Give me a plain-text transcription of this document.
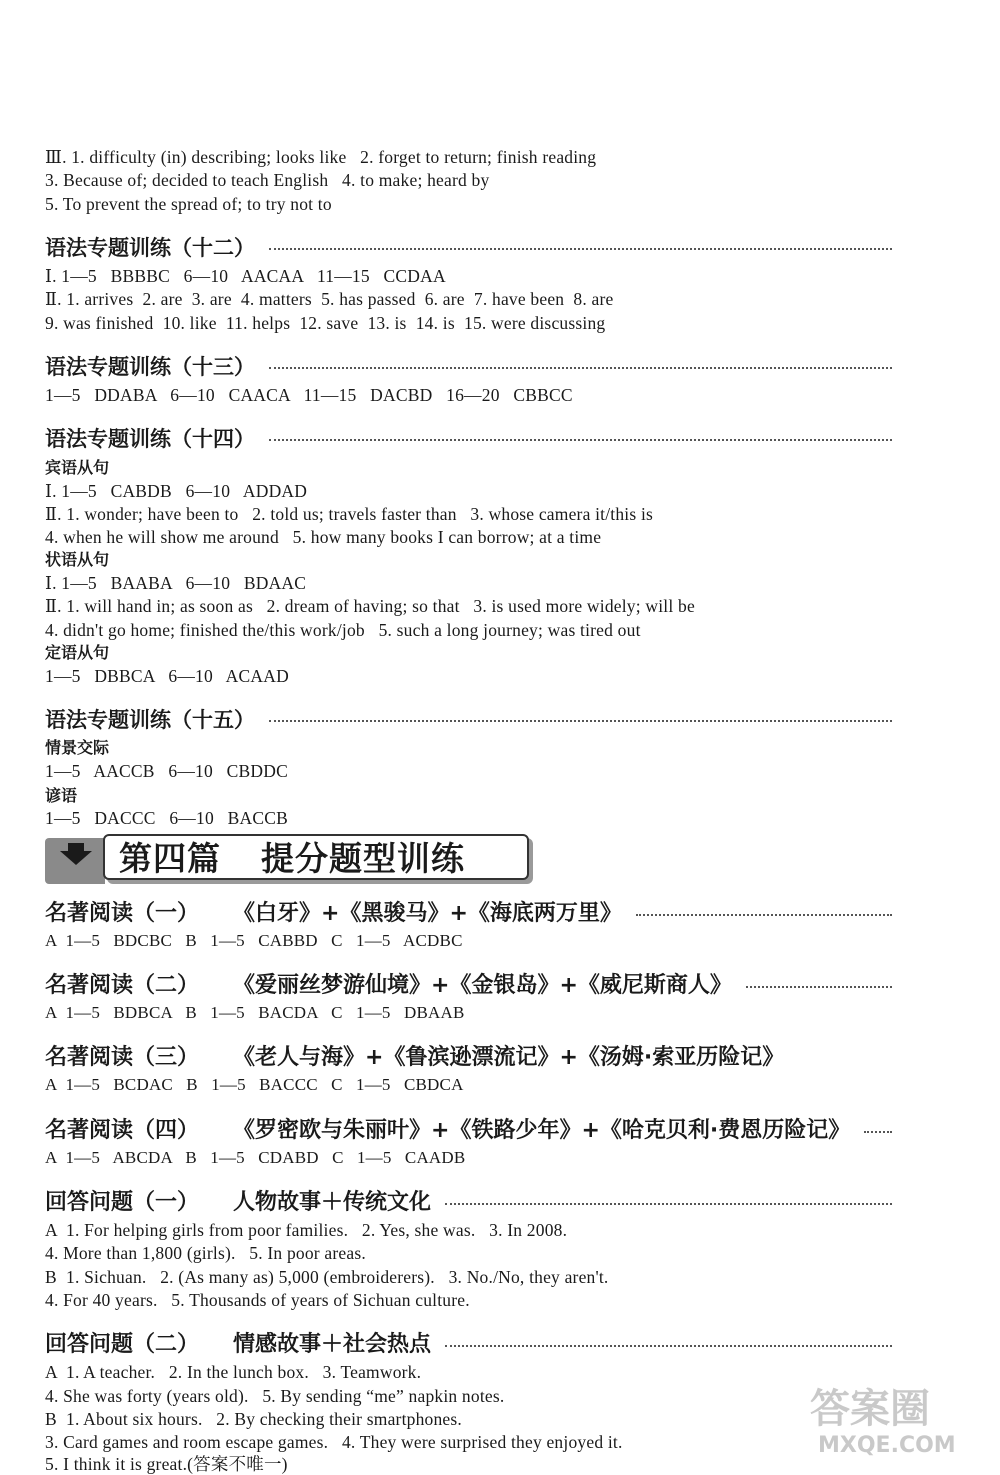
Ⅲ. 1. difficulty (in) describing; looks like   2. forget to return; finish reading
3. Because of; decided to teach English   4. to make; heard by
5. To prevent the spread of; to try not to
语法专题训练（十二）
Ⅰ. 1—5   BBBBC   6—10   AACAA   11—15   CCDAA
Ⅱ. 1. arrives  2. are  3. are  4. matters  5. has passed  6. are  7. have been  8. are
9. was finished  10. like  11. helps  12. save  13. is  14. is  15. were discussing
语法专题训练（十三）
1—5   DDABA   6—10   CAACA   11—15   DACBD   16—20   CBBCC
语法专题训练（十四）
宾语从句
Ⅰ. 1—5   CABDB   6—10   ADDAD
Ⅱ. 1. wonder; have been to   2. told us; travels faster than   3. whose camera it/this is
4. when he will show me around   5. how many books I can borrow; at a time
状语从句
Ⅰ. 1—5   BAABA   6—10   BDAAC
Ⅱ. 1. will hand in; as soon as   2. dream of having; so that   3. is used more widely; will be
4. didn't go home; finished the/this work/job   5. such a long journey; was tired out
定语从句
1—5   DBBCA   6—10   ACAAD
语法专题训练（十五）
情景交际
1—5   AACCB   6—10   CBDDC
谚语
1—5   DACCC   6—10   BACCB
第四篇 提分题型训练
名著阅读（一） 《白牙》+《黑骏马》+《海底两万里》
A  1—5   BDCBC   B   1—5   CABBD   C   1—5   ACDBC
名著阅读（二） 《爱丽丝梦游仙境》+《金银岛》+《威尼斯商人》
A  1—5   BDBCA   B   1—5   BACDA   C   1—5   DBAAB
名著阅读（三） 《老人与海》+《鲁滨逊漂流记》+《汤姆·索亚历险记》
A  1—5   BCDAC   B   1—5   BACCC   C   1—5   CBDCA
名著阅读（四） 《罗密欧与朱丽叶》+《铁路少年》+《哈克贝利·费恩历险记》
A  1—5   ABCDA   B   1—5   CDABD   C   1—5   CAADB
回答问题（一） 人物故事＋传统文化
A  1. For helping girls from poor families.   2. Yes, she was.   3. In 2008.
4. More than 1,800 (girls).   5. In poor areas.
B  1. Sichuan.   2. (As many as) 5,000 (embroiderers).   3. No./No, they aren't.
4. For 40 years.   5. Thousands of years of Sichuan culture.
回答问题（二） 情感故事＋社会热点
A  1. A teacher.   2. In the lunch box.   3. Teamwork.
4. She was forty (years old).   5. By sending “me” napkin notes.
B  1. About six hours.   2. By checking their smartphones.
3. Card games and room escape games.   4. They were surprised they enjoyed it.
5. I think it is great.(答案不唯一)
答案圈
MXQE.COM
